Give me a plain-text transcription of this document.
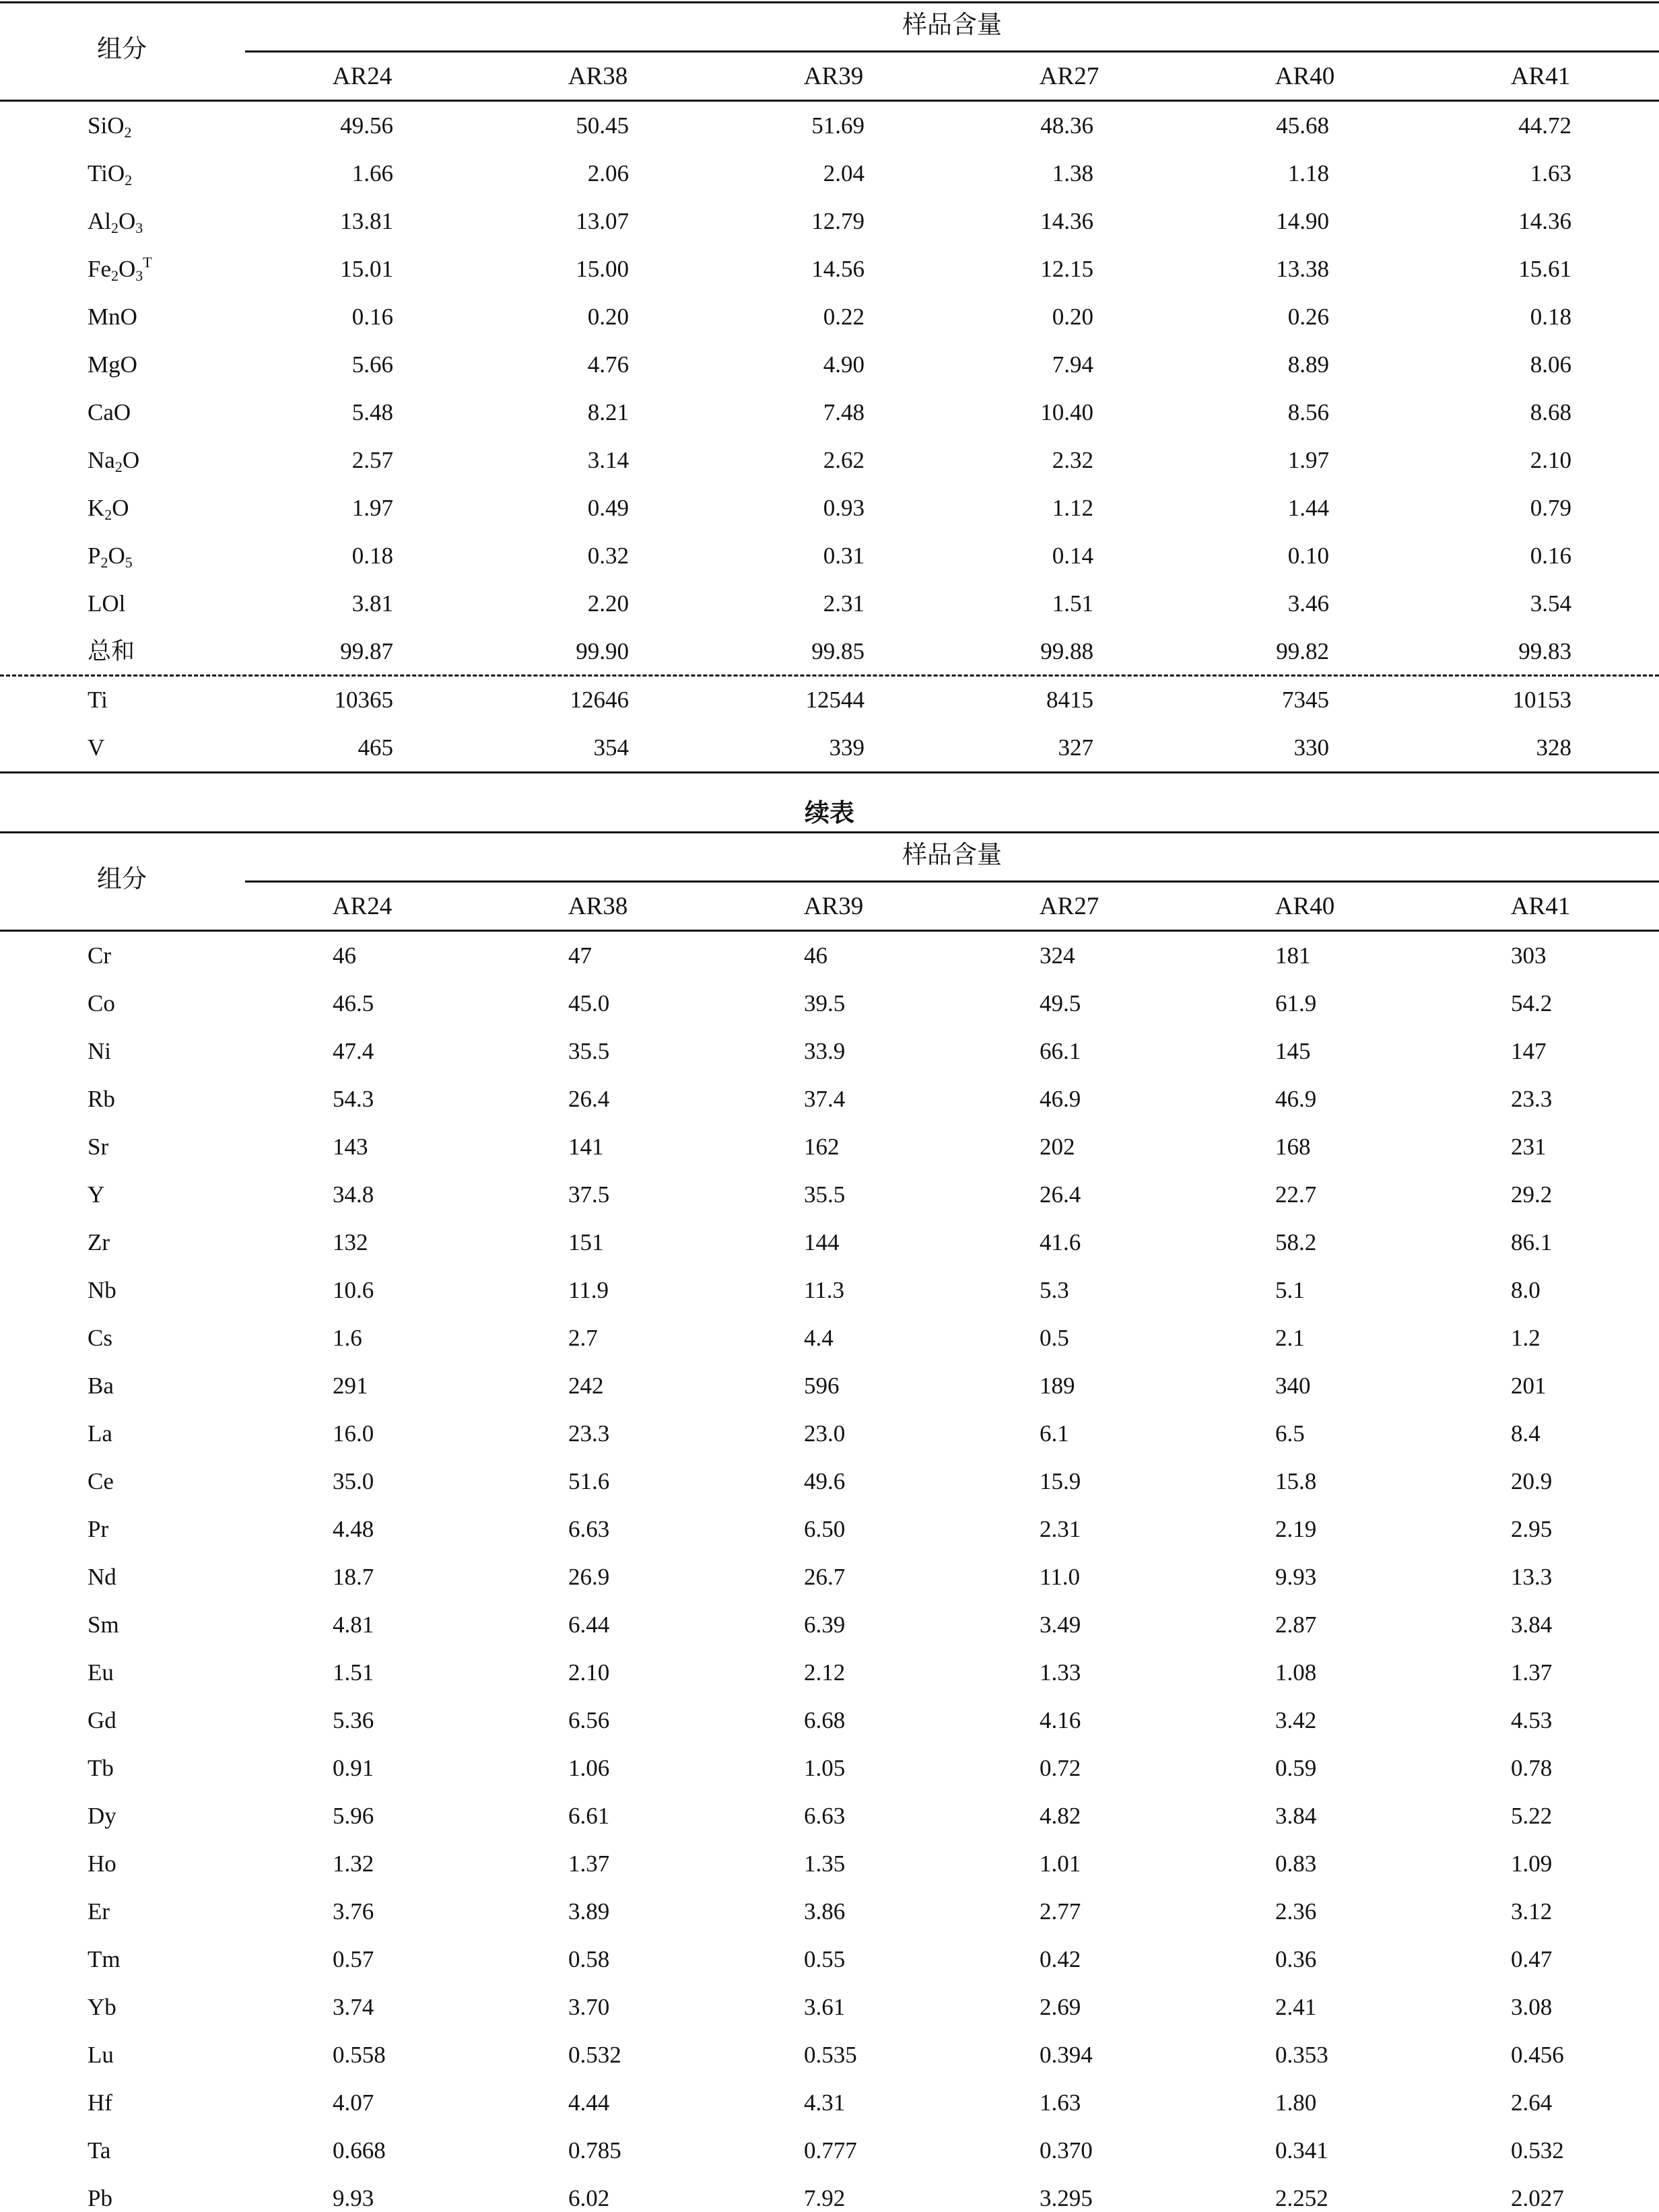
组分
样品含量
AR24	AR38	AR39	AR27	AR40	AR41
SiO$_2$	49.56	50.45	51.69	48.36	45.68	44.72
TiO$_2$	1.66	2.06	2.04	1.38	1.18	1.63
$Al_2O_3$	13.81	13.07	12.79	14.36	14.90	14.36
$Fe_2O_3^T$	15.01	15.00	14.56	12.15	13.38	15.61
MnO	0.16	0.20	0.22	0.20	0.26	0.18
MgO	5.66	4.76	4.90	7.94	8.89	8.06
CaO	5.48	8.21	7.48	10.40	8.56	8.68
$Na_2O$	2.57	3.14	2.62	2.32	1.97	2.10
$K_2O$	1.97	0.49	0.93	1.12	1.44	0.79
$P_2O_5$	0.18	0.32	0.31	0.14	0.10	0.16
LOl	3.81	2.20	2.31	1.51	3.46	3.54
总和	99.87	99.90	99.85	99.88	99.82	99.83
Ti	10365	12646	12544	8415	7345	10153
V	465	354	339	327	330	328
续表
组分
样品含量
AR24	AR38	AR39	AR27	AR40	AR41
Cr	46	47	46	324	181	303
Co	46.5	45.0	39.5	49.5	61.9	54.2
Ni	47.4	35.5	33.9	66.1	145	147
Rb	54.3	26.4	37.4	46.9	46.9	23.3
Sr	143	141	162	202	168	231
Y	34.8	37.5	35.5	26.4	22.7	29.2
Zr	132	151	144	41.6	58.2	86.1
Nb	10.6	11.9	11.3	5.3	5.1	8.0
Cs	1.6	2.7	4.4	0.5	2.1	1.2
Ba	291	242	596	189	340	201
La	16.0	23.3	23.0	6.1	6.5	8.4
Ce	35.0	51.6	49.6	15.9	15.8	20.9
Pr	4.48	6.63	6.50	2.31	2.19	2.95
Nd	18.7	26.9	26.7	11.0	9.93	13.3
Sm	4.81	6.44	6.39	3.49	2.87	3.84
Eu	1.51	2.10	2.12	1.33	1.08	1.37
Gd	5.36	6.56	6.68	4.16	3.42	4.53
Tb	0.91	1.06	1.05	0.72	0.59	0.78
Dy	5.96	6.61	6.63	4.82	3.84	5.22
Ho	1.32	1.37	1.35	1.01	0.83	1.09
Er	3.76	3.89	3.86	2.77	2.36	3.12
Tm	0.57	0.58	0.55	0.42	0.36	0.47
Yb	3.74	3.70	3.61	2.69	2.41	3.08
Lu	0.558	0.532	0.535	0.394	0.353	0.456
Hf	4.07	4.44	4.31	1.63	1.80	2.64
Ta	0.668	0.785	0.777	0.370	0.341	0.532
Pb	9.93	6.02	7.92	3.295	2.252	2.027
